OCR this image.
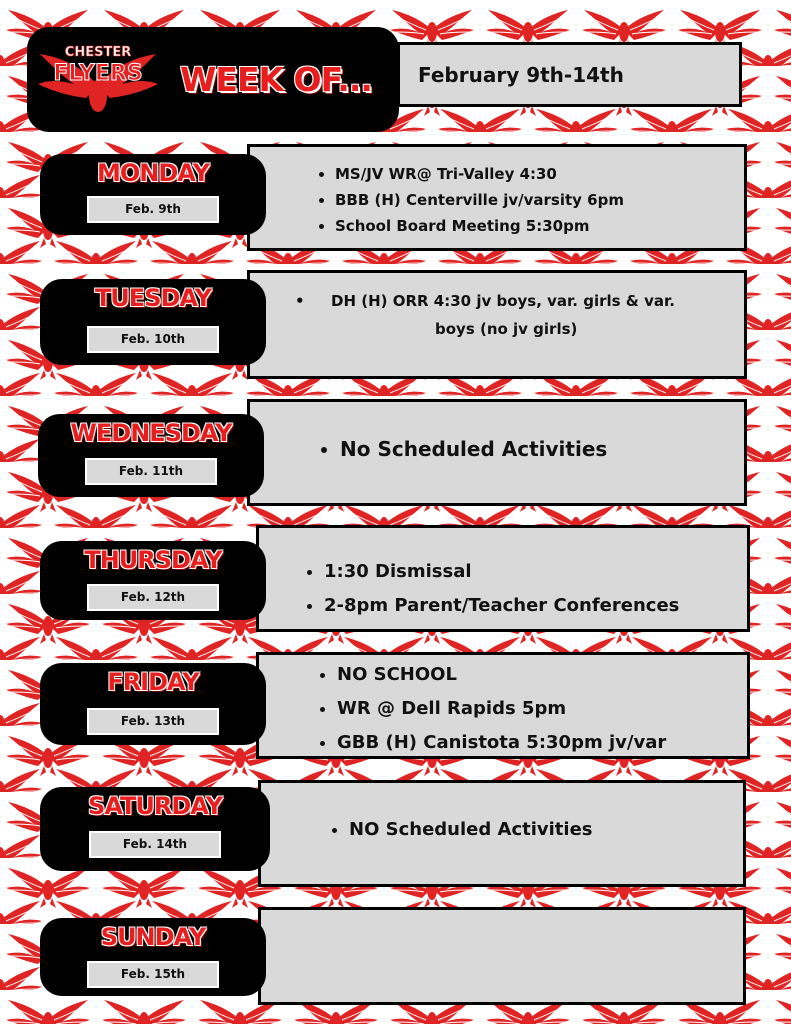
February 9th-14th
CHESTER
FLYERS WEEK OF...
• MS/JV WR@ Tri-Valley 4:30
• BBB (H) Centerville jv/varsity 6pm
• School Board Meeting 5:30pm
MONDAY
Feb. 9th
• DH (H) ORR 4:30 jv boys, var. girls & var.
boys (no jv girls)
TUESDAY
Feb. 10th
• No Scheduled Activities
WEDNESDAY
Feb. 11th
• 1:30 Dismissal
• 2-8pm Parent/Teacher Conferences
THURSDAY
Feb. 12th
• NO SCHOOL
• WR @ Dell Rapids 5pm
• GBB (H) Canistota 5:30pm jv/var
FRIDAY
Feb. 13th
• NO Scheduled Activities
SATURDAY
Feb. 14th
SUNDAY
Feb. 15th
